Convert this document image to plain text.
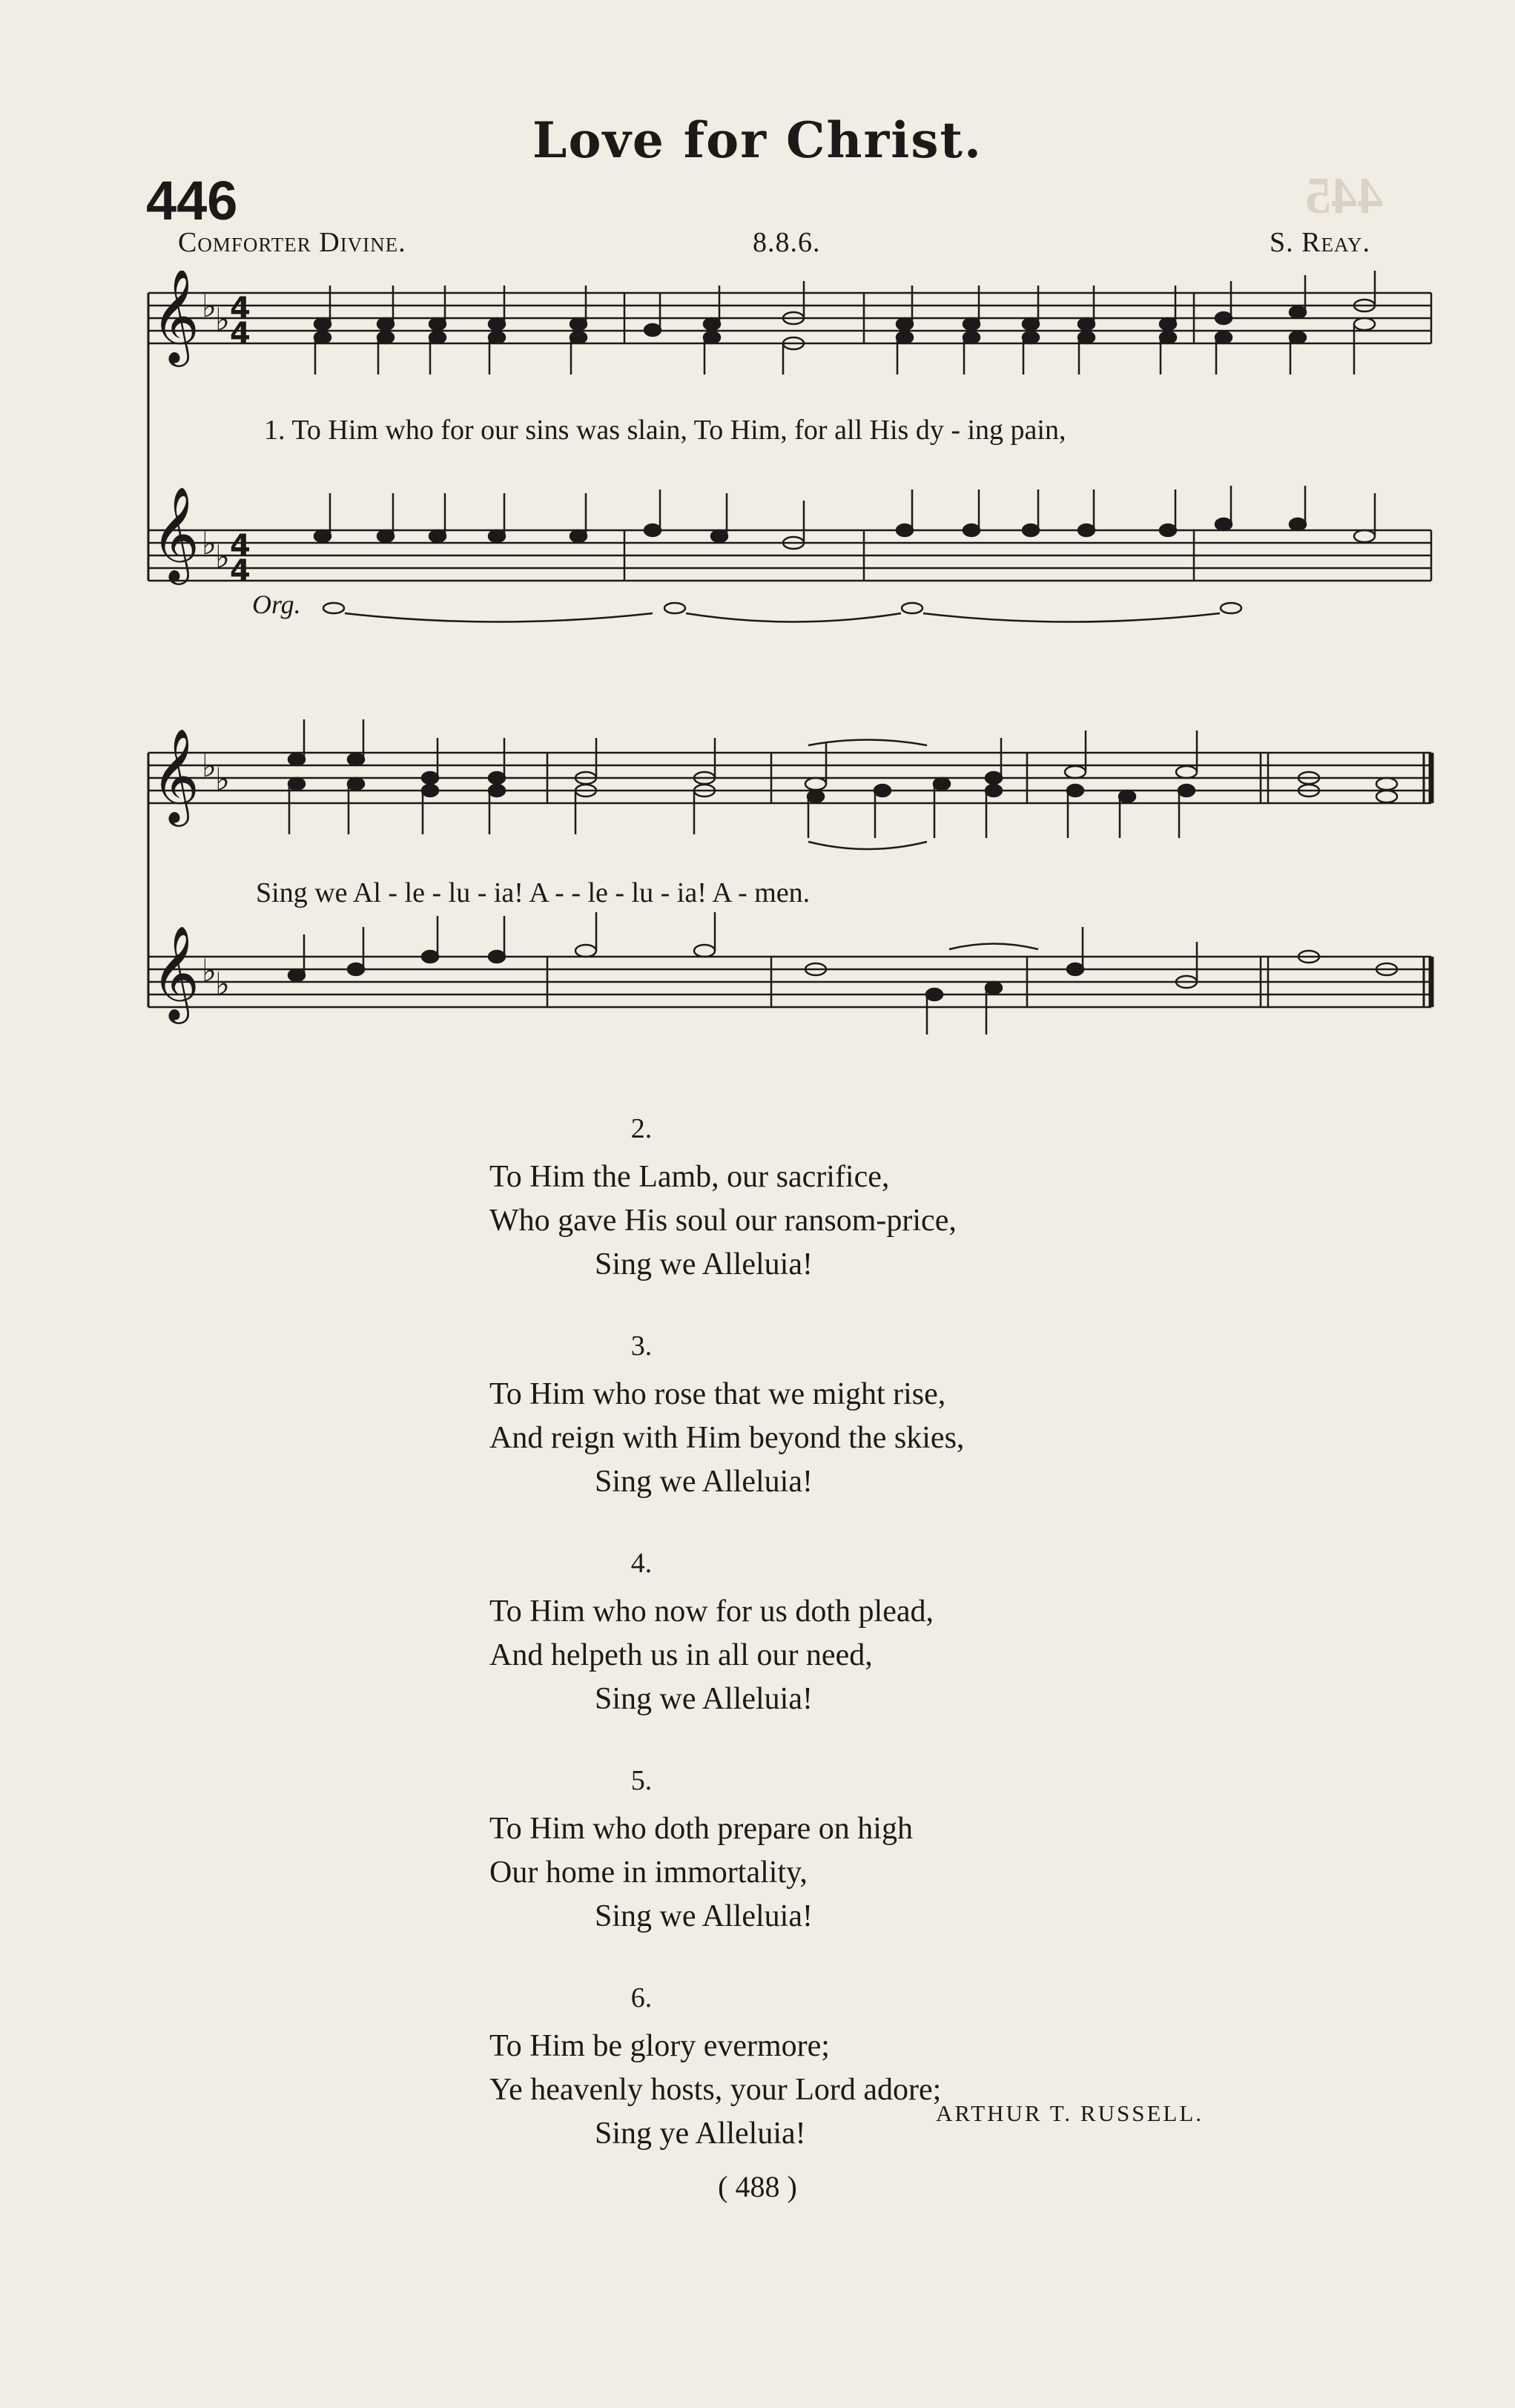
445
Love for Christ.
446
Comforter Divine.	8.8.6.	S. Reay.
𝄞
𝄞
♭
♭
♭
♭
4
4
4
4
Org.
1. To Him who for our sins was slain, To Him, for all His dy - ing pain,
𝄞
𝄞
♭
♭
♭
♭
Sing we Al - le - lu - ia! A - - le - lu - ia! A - men.
2.
To Him the Lamb, our sacrifice,
Who gave His soul our ransom-price,
Sing we Alleluia!
3.
To Him who rose that we might rise,
And reign with Him beyond the skies,
Sing we Alleluia!
4.
To Him who now for us doth plead,
And helpeth us in all our need,
Sing we Alleluia!
5.
To Him who doth prepare on high
Our home in immortality,
Sing we Alleluia!
6.
To Him be glory evermore;
Ye heavenly hosts, your Lord adore;
Sing ye Alleluia!
ARTHUR T. RUSSELL.
( 488 )
